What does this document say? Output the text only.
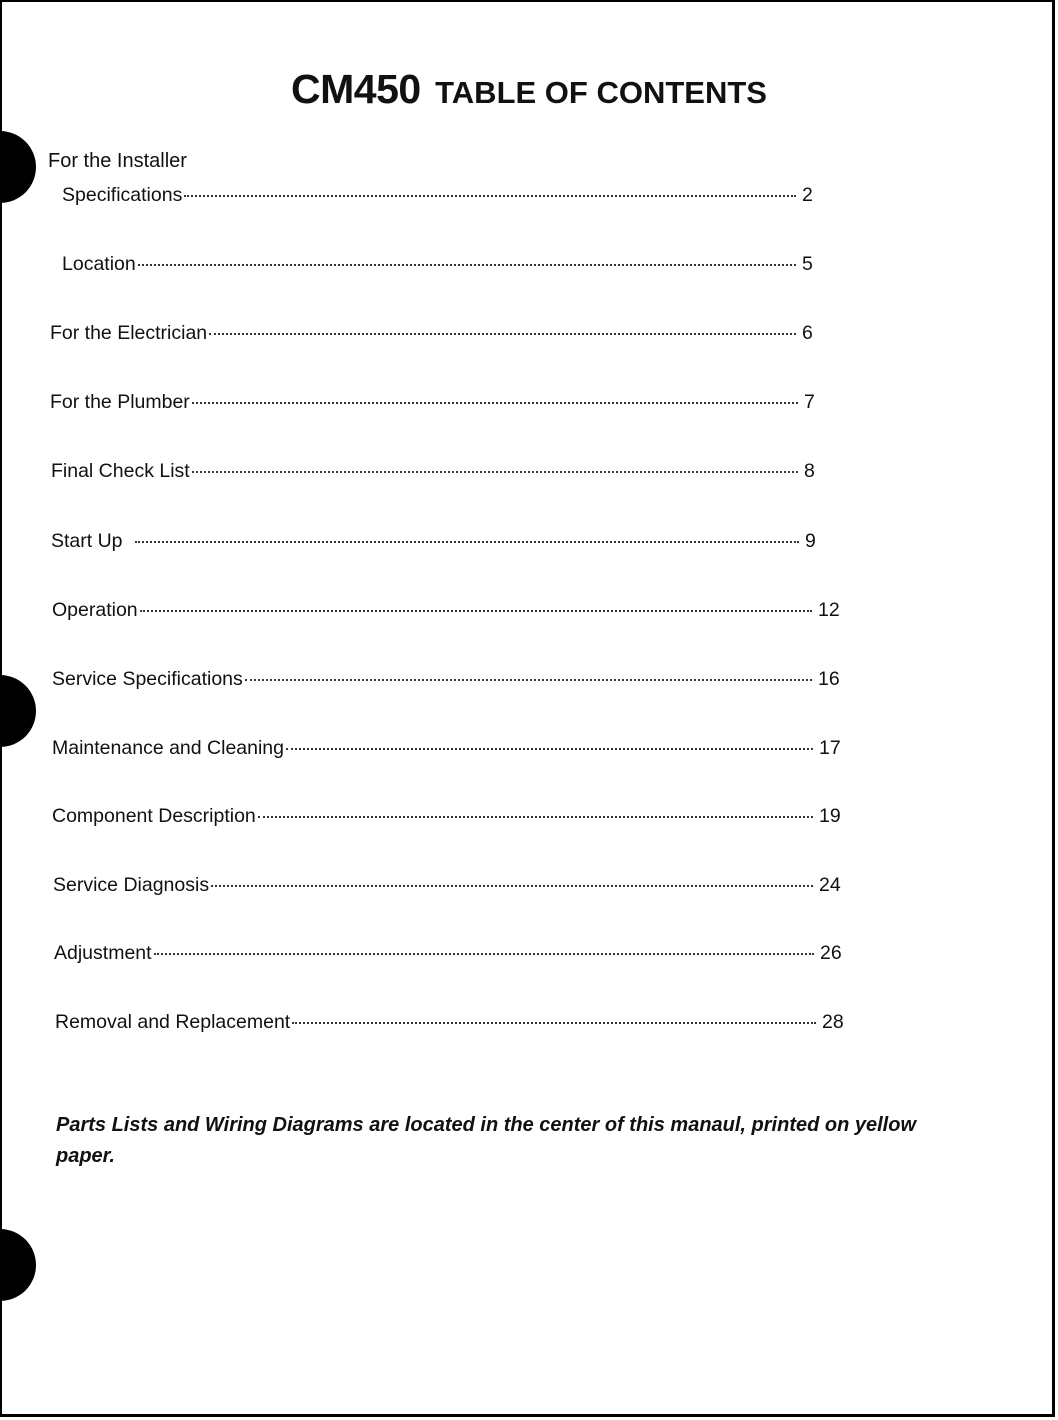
CM450 TABLE OF CONTENTS
For the Installer
Specifications	2
Location	5
For the Electrician	6
For the Plumber	7
Final Check List	8
Start Up	9
Operation	12
Service Specifications	16
Maintenance and Cleaning	17
Component Description	19
Service Diagnosis	24
Adjustment	26
Removal and Replacement	28
Parts Lists and Wiring Diagrams are located in the center of this manaul, printed on yellow paper.
